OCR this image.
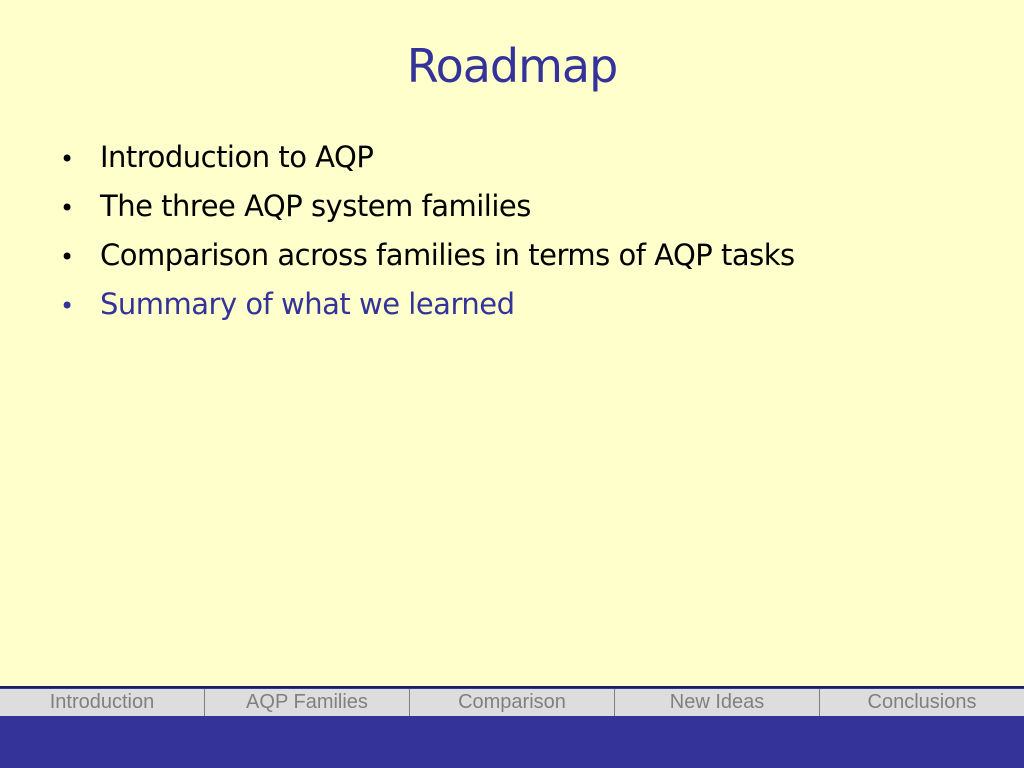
Roadmap
• Introduction to AQP
• The three AQP system families
• Comparison across families in terms of AQP tasks
• Summary of what we learned
Introduction	AQP Families	Comparison	New Ideas	Conclusions
